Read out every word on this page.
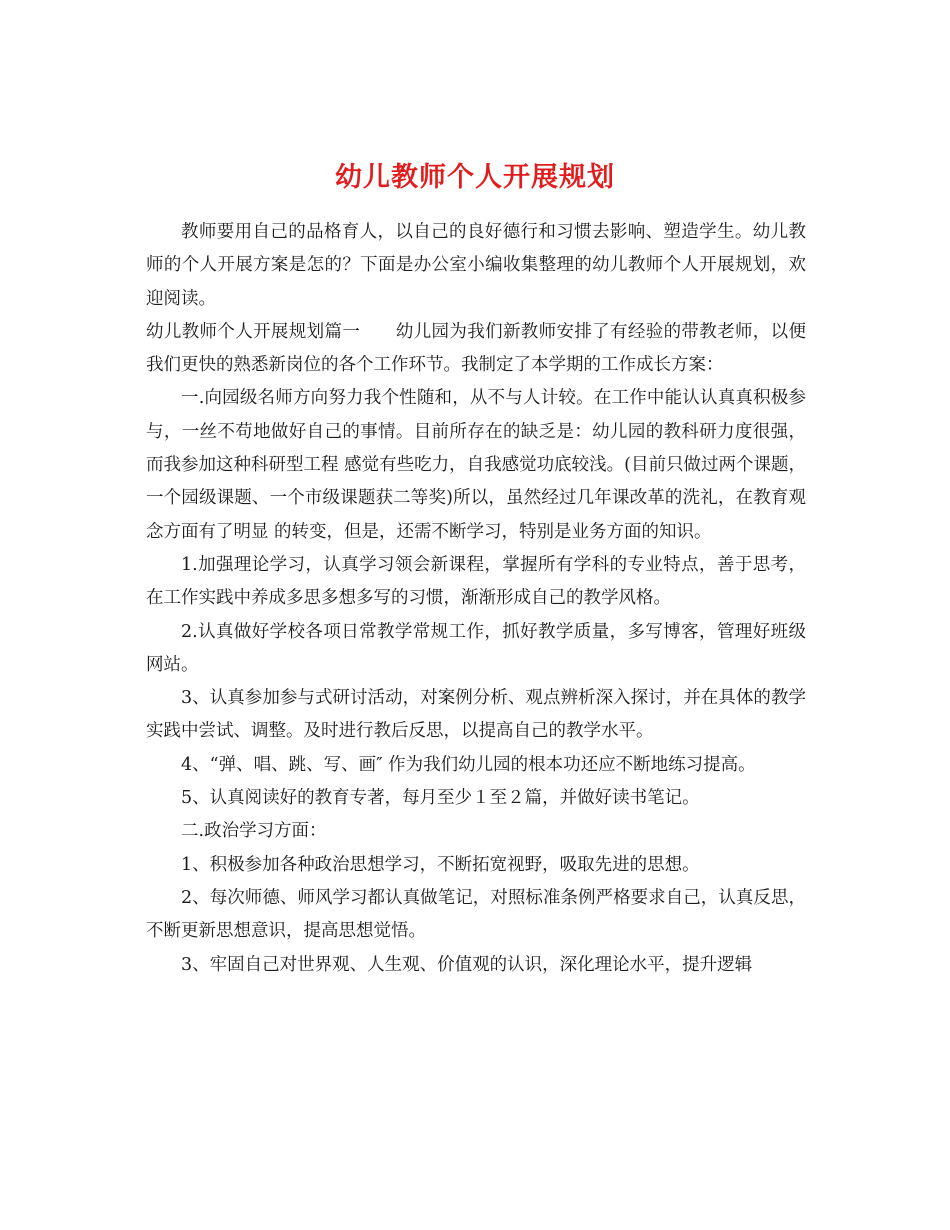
幼儿教师个人开展规划

教师要用自己的品格育人，以自己的良好德行和习惯去影响、塑造学生。幼儿教师的个人开展方案是怎的？下面是办公室小编收集整理的幼儿教师个人开展规划，欢迎阅读。

幼儿教师个人开展规划篇一　　幼儿园为我们新教师安排了有经验的带教老师，以便我们更快的熟悉新岗位的各个工作环节。我制定了本学期的工作成长方案：

一.向园级名师方向努力我个性随和，从不与人计较。在工作中能认认真真积极参与，一丝不苟地做好自己的事情。目前所存在的缺乏是：幼儿园的教科研力度很强，而我参加这种科研型工程 感觉有些吃力，自我感觉功底较浅。(目前只做过两个课题，一个园级课题、一个市级课题获二等奖)所以，虽然经过几年课改革的洗礼，在教育观念方面有了明显 的转变，但是，还需不断学习，特别是业务方面的知识。

1.加强理论学习，认真学习领会新课程，掌握所有学科的专业特点，善于思考，在工作实践中养成多思多想多写的习惯，渐渐形成自己的教学风格。

2.认真做好学校各项日常教学常规工作，抓好教学质量，多写博客，管理好班级网站。

3、认真参加参与式研讨活动，对案例分析、观点辨析深入探讨，并在具体的教学实践中尝试、调整。及时进行教后反思，以提高自己的教学水平。

4、“弹、唱、跳、写、画″ 作为我们幼儿园的根本功还应不断地练习提高。

5、认真阅读好的教育专著，每月至少１至２篇，并做好读书笔记。

二.政治学习方面：

1、积极参加各种政治思想学习，不断拓宽视野，吸取先进的思想。

2、每次师德、师风学习都认真做笔记，对照标准条例严格要求自己，认真反思，不断更新思想意识，提高思想觉悟。

3、牢固自己对世界观、人生观、价值观的认识，深化理论水平，提升逻辑
